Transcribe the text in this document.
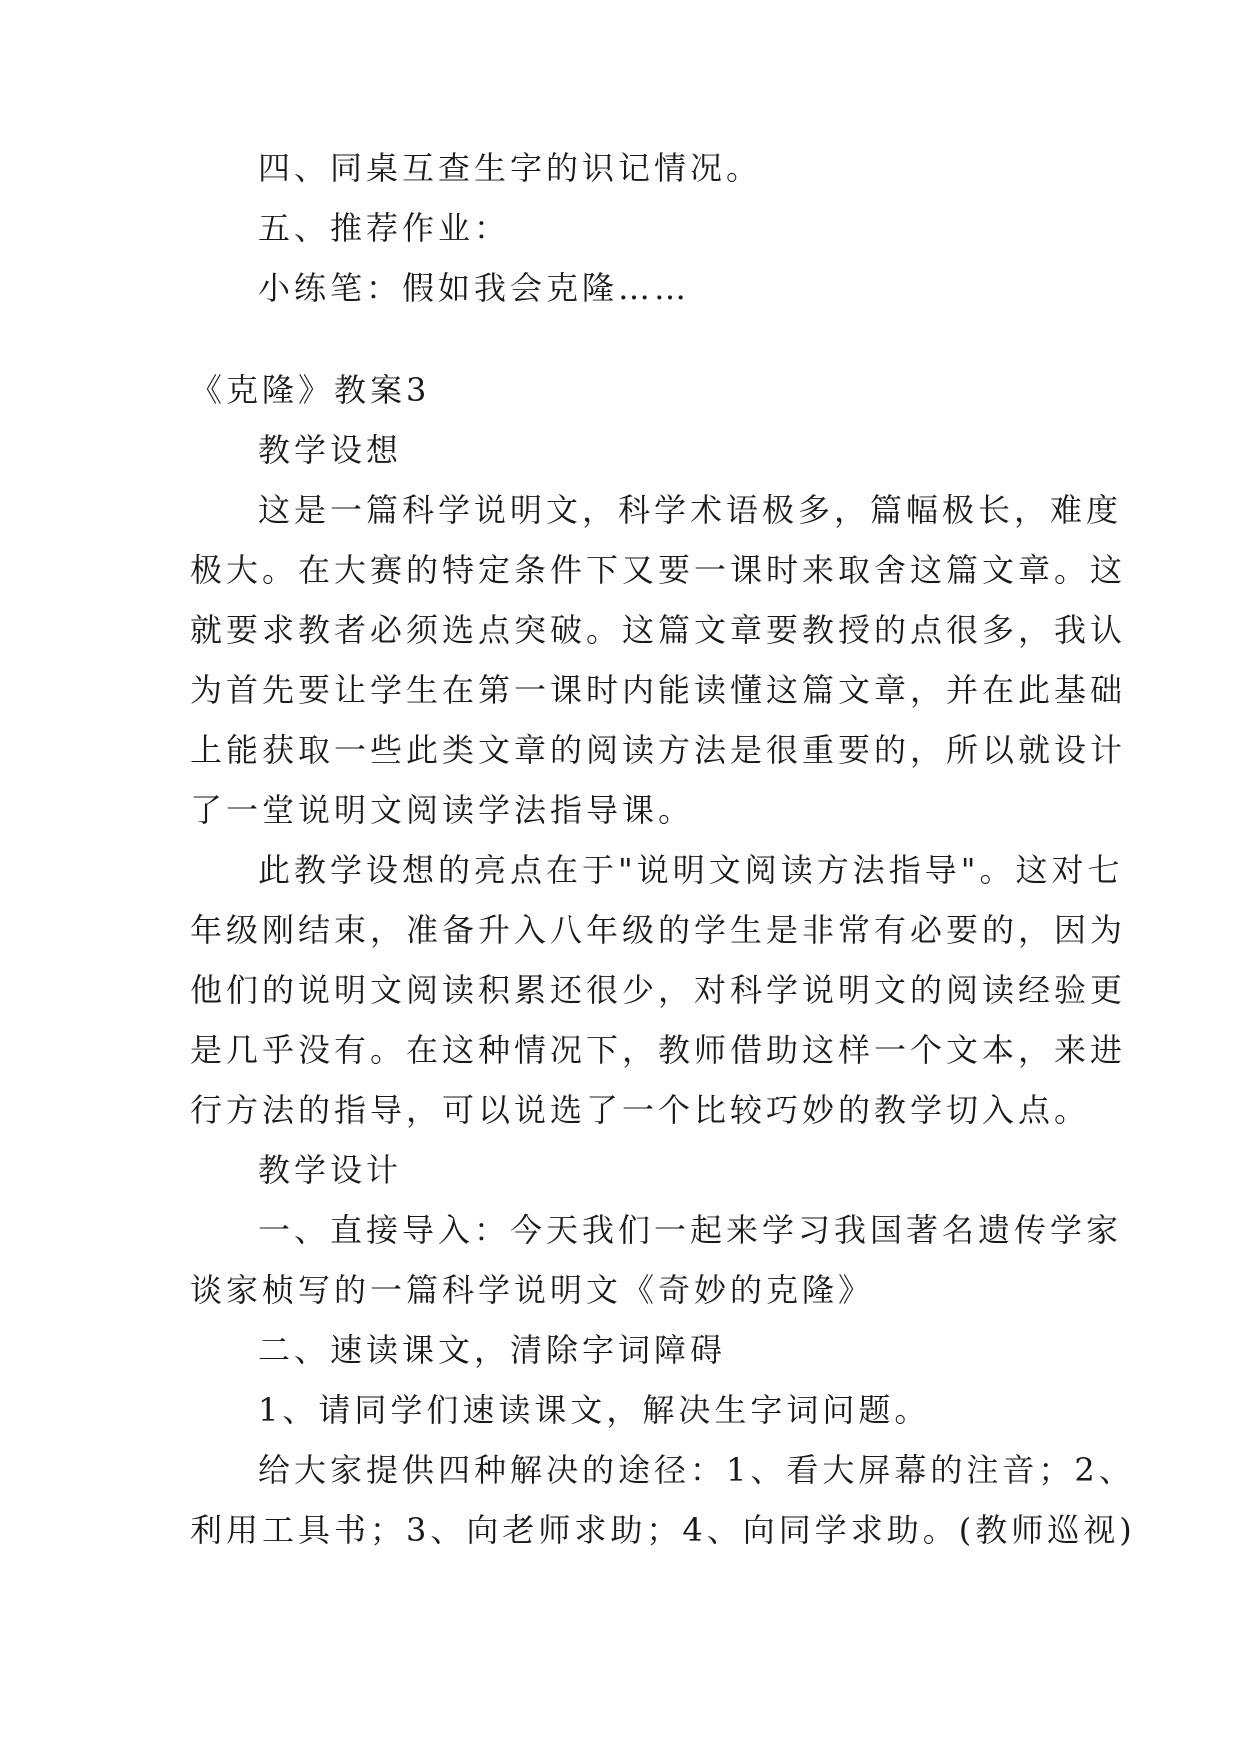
四、同桌互查生字的识记情况。
五、推荐作业：
小练笔：假如我会克隆……
《克隆》教案3
教学设想
这是一篇科学说明文，科学术语极多，篇幅极长，难度
极大。在大赛的特定条件下又要一课时来取舍这篇文章。这
就要求教者必须选点突破。这篇文章要教授的点很多，我认
为首先要让学生在第一课时内能读懂这篇文章，并在此基础
上能获取一些此类文章的阅读方法是很重要的，所以就设计
了一堂说明文阅读学法指导课。
此教学设想的亮点在于"说明文阅读方法指导"。这对七
年级刚结束，准备升入八年级的学生是非常有必要的，因为
他们的说明文阅读积累还很少，对科学说明文的阅读经验更
是几乎没有。在这种情况下，教师借助这样一个文本，来进
行方法的指导，可以说选了一个比较巧妙的教学切入点。
教学设计
一、直接导入：今天我们一起来学习我国著名遗传学家
谈家桢写的一篇科学说明文《奇妙的克隆》
二、速读课文，清除字词障碍
1、请同学们速读课文，解决生字词问题。
给大家提供四种解决的途径：1、看大屏幕的注音；2、
利用工具书；3、向老师求助；4、向同学求助。(教师巡视)
